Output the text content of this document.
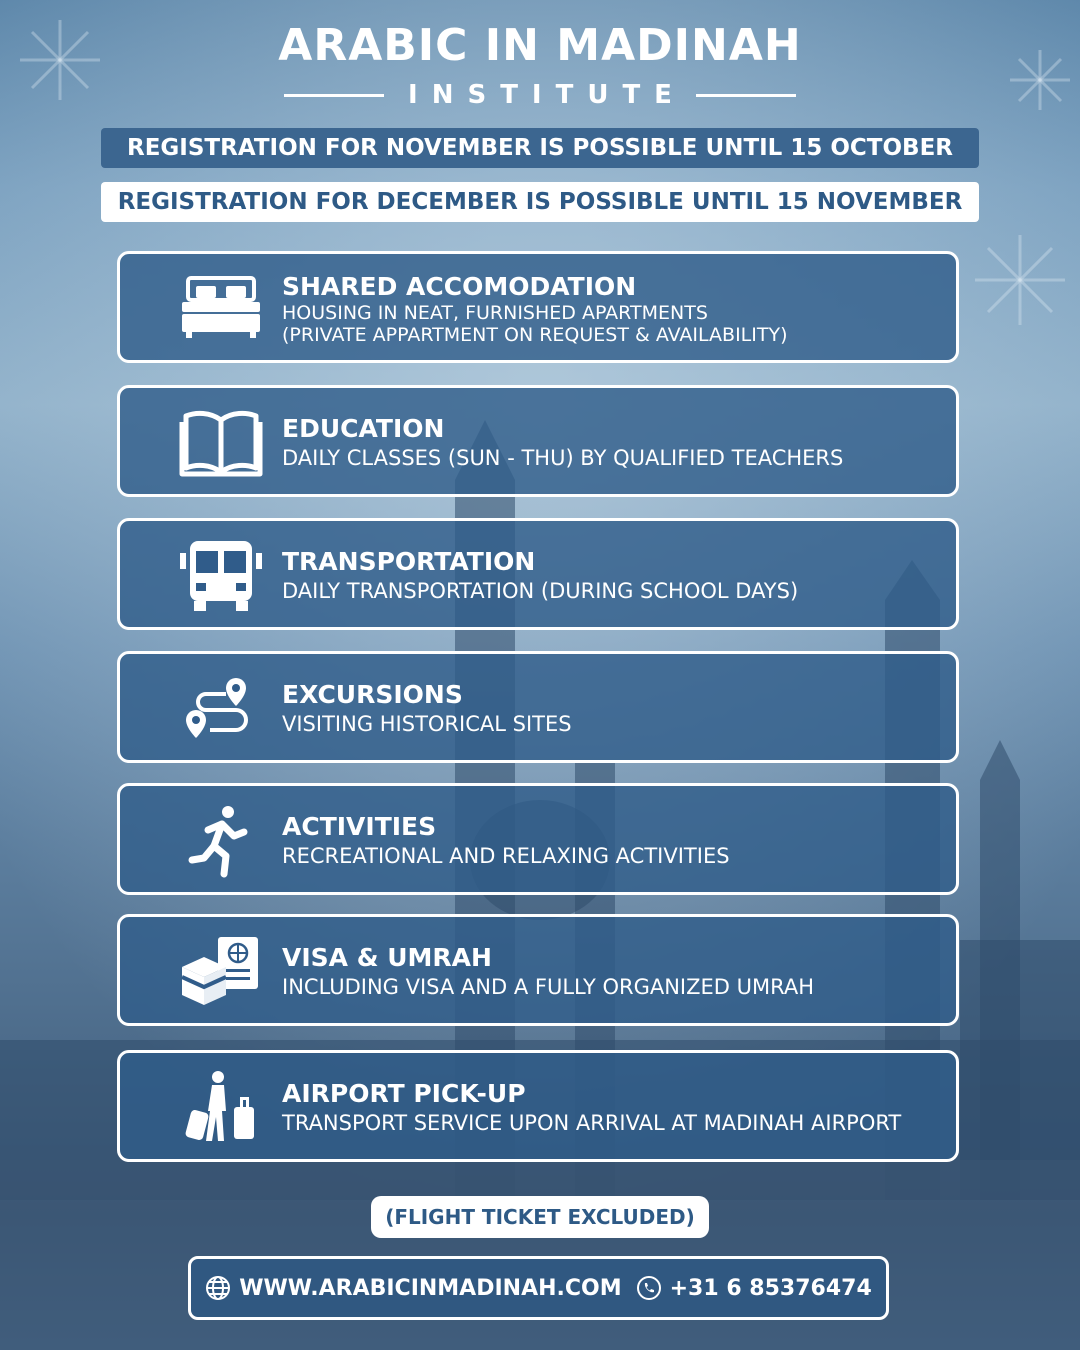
ARABIC IN MADINAH
INSTITUTE
REGISTRATION FOR NOVEMBER IS POSSIBLE UNTIL 15 OCTOBER
REGISTRATION FOR DECEMBER IS POSSIBLE UNTIL 15 NOVEMBER
SHARED ACCOMODATION
HOUSING IN NEAT, FURNISHED APARTMENTS
(PRIVATE APPARTMENT ON REQUEST & AVAILABILITY)
EDUCATION
DAILY CLASSES (SUN - THU) BY QUALIFIED TEACHERS
TRANSPORTATION
DAILY TRANSPORTATION (DURING SCHOOL DAYS)
EXCURSIONS
VISITING HISTORICAL SITES
ACTIVITIES
RECREATIONAL AND RELAXING ACTIVITIES
VISA & UMRAH
INCLUDING VISA AND A FULLY ORGANIZED UMRAH
AIRPORT PICK-UP
TRANSPORT SERVICE UPON ARRIVAL AT MADINAH AIRPORT
(FLIGHT TICKET EXCLUDED)
WWW.ARABICINMADINAH.COM +31 6 85376474
